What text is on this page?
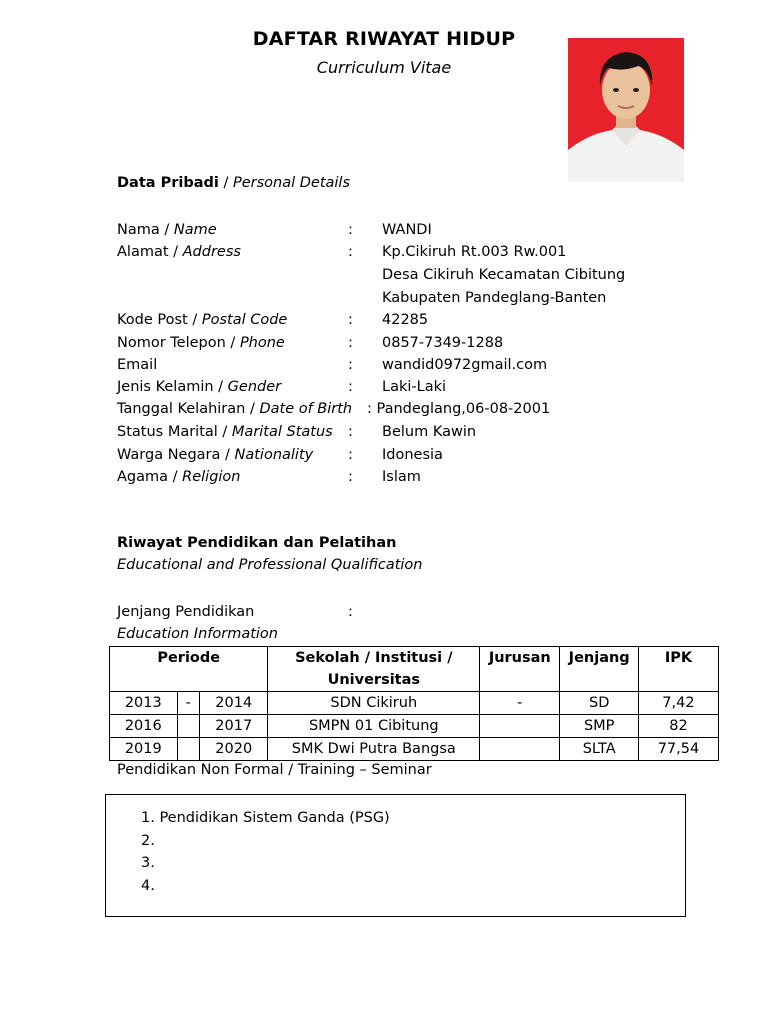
DAFTAR RIWAYAT HIDUP
Curriculum Vitae
Data Pribadi / Personal Details
Nama / Name	: WANDI
Alamat / Address	: Kp.Cikiruh Rt.003 Rw.001
Desa Cikiruh Kecamatan Cibitung
Kabupaten Pandeglang-Banten
Kode Post / Postal Code	: 42285
Nomor Telepon / Phone	: 0857-7349-1288
Email	: wandid0972gmail.com
Jenis Kelamin / Gender	: Laki-Laki
Tanggal Kelahiran / Date of Birth : Pandeglang,06-08-2001
Status Marital / Marital Status : Belum Kawin
Warga Negara / Nationality : Idonesia
Agama / Religion	: Islam
Riwayat Pendidikan dan Pelatihan
Educational and Professional Qualification
Jenjang Pendidikan	:
Education Information
Periode			Sekolah / Institusi / Universitas	Jurusan	Jenjang	IPK
2013	-	2014	SDN Cikiruh	-	SD	7,42
2016		2017	SMPN 01 Cibitung		SMP	82
2019		2020	SMK Dwi Putra Bangsa		SLTA	77,54
Pendidikan Non Formal / Training – Seminar
1. Pendidikan Sistem Ganda (PSG)
2.
3.
4.
